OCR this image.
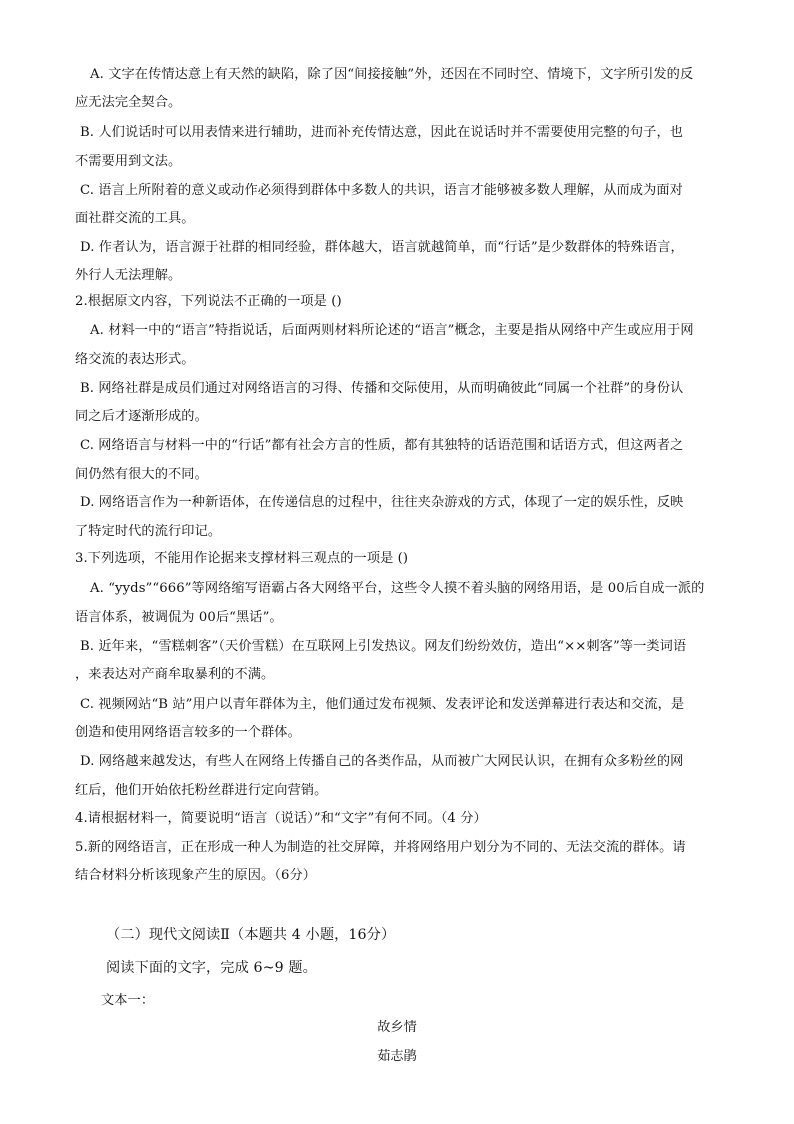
A. 文字在传情达意上有天然的缺陷，除了因“间接接触”外，还因在不同时空、情境下，文字所引发的反
应无法完全契合。
B. 人们说话时可以用表情来进行辅助，进而补充传情达意，因此在说话时并不需要使用完整的句子，也
不需要用到文法。
C. 语言上所附着的意义或动作必须得到群体中多数人的共识，语言才能够被多数人理解，从而成为面对
面社群交流的工具。
D. 作者认为，语言源于社群的相同经验，群体越大，语言就越简单，而“行话”是少数群体的特殊语言，
外行人无法理解。
2.根据原文内容，下列说法不正确的一项是 ()
A. 材料一中的“语言”特指说话，后面两则材料所论述的“语言”概念，主要是指从网络中产生或应用于网
络交流的表达形式。
B. 网络社群是成员们通过对网络语言的习得、传播和交际使用，从而明确彼此“同属一个社群”的身份认
同之后才逐渐形成的。
C. 网络语言与材料一中的“行话”都有社会方言的性质，都有其独特的话语范围和话语方式，但这两者之
间仍然有很大的不同。
D. 网络语言作为一种新语体，在传递信息的过程中，往往夹杂游戏的方式，体现了一定的娱乐性，反映
了特定时代的流行印记。
3.下列选项，不能用作论据来支撑材料三观点的一项是 ()
A. “yyds”“666”等网络缩写语霸占各大网络平台，这些令人摸不着头脑的网络用语，是 00后自成一派的
语言体系，被调侃为 00后“黑话”。
B. 近年来，“雪糕刺客”（天价雪糕）在互联网上引发热议。网友们纷纷效仿，造出“××刺客”等一类词语
，来表达对产商牟取暴利的不满。
C. 视频网站“B 站”用户以青年群体为主，他们通过发布视频、发表评论和发送弹幕进行表达和交流，是
创造和使用网络语言较多的一个群体。
D. 网络越来越发达，有些人在网络上传播自己的各类作品，从而被广大网民认识，在拥有众多粉丝的网
红后，他们开始依托粉丝群进行定向营销。
4.请根据材料一，简要说明“语言（说话）”和“文字”有何不同。（4 分）
5.新的网络语言，正在形成一种人为制造的社交屏障，并将网络用户划分为不同的、无法交流的群体。请
结合材料分析该现象产生的原因。（6分）
（二）现代文阅读Ⅱ（本题共 4 小题，16分）
阅读下面的文字，完成 6~9 题。
文本一：
故乡情
茹志鹃
